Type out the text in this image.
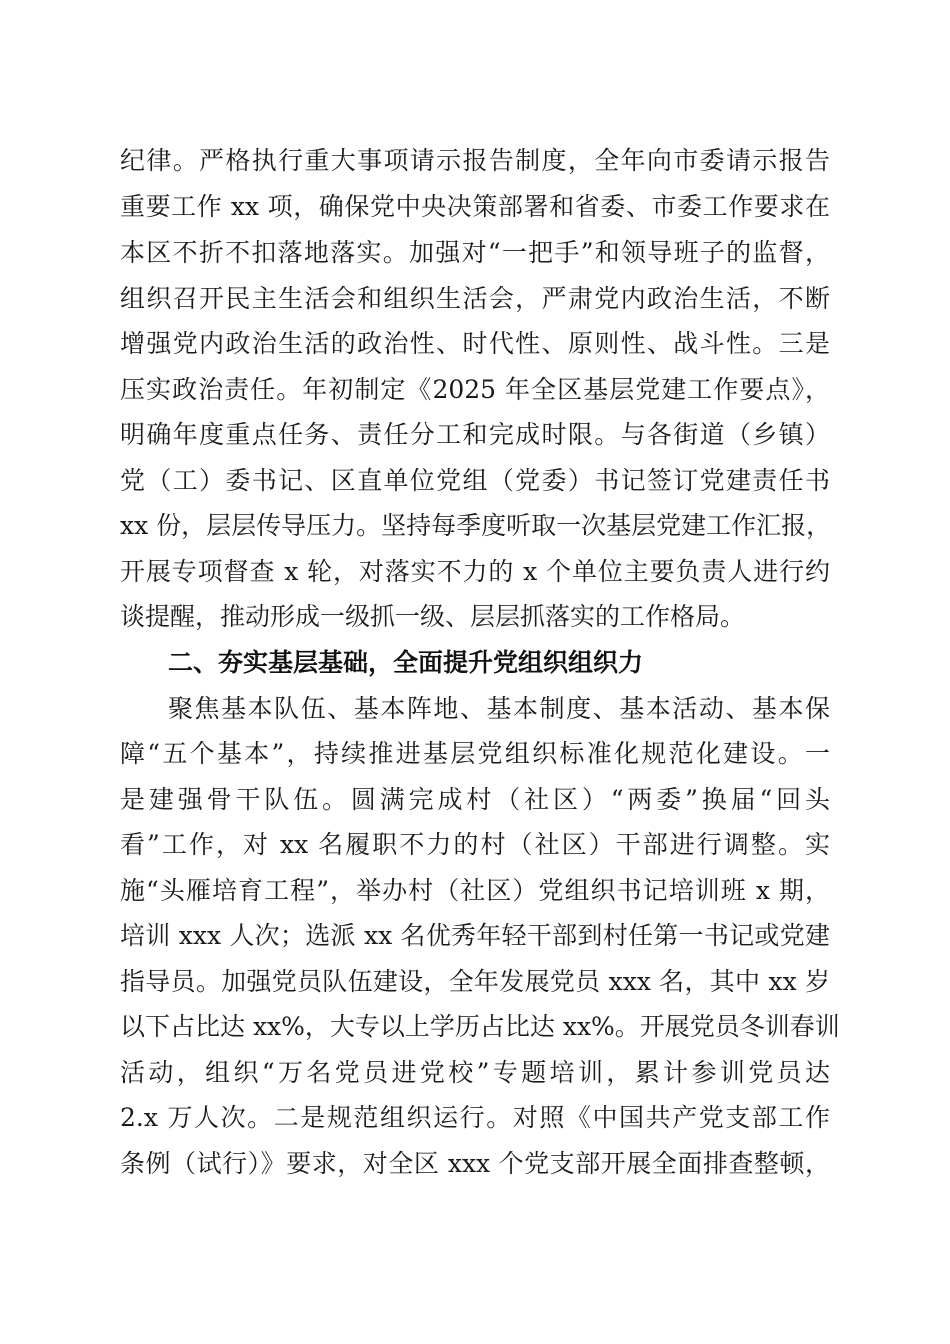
纪律。严格执行重大事项请示报告制度，全年向市委请示报告
重要工作 xx 项，确保党中央决策部署和省委、市委工作要求在
本区不折不扣落地落实。加强对“一把手”和领导班子的监督，
组织召开民主生活会和组织生活会，严肃党内政治生活，不断
增强党内政治生活的政治性、时代性、原则性、战斗性。三是
压实政治责任。年初制定《2025 年全区基层党建工作要点》，
明确年度重点任务、责任分工和完成时限。与各街道（乡镇）
党（工）委书记、区直单位党组（党委）书记签订党建责任书
xx 份，层层传导压力。坚持每季度听取一次基层党建工作汇报，
开展专项督查 x 轮，对落实不力的 x 个单位主要负责人进行约
谈提醒，推动形成一级抓一级、层层抓落实的工作格局。
二、夯实基层基础，全面提升党组织组织力
聚焦基本队伍、基本阵地、基本制度、基本活动、基本保
障“五个基本”，持续推进基层党组织标准化规范化建设。一
是建强骨干队伍。圆满完成村（社区）“两委”换届“回头
看”工作，对 xx 名履职不力的村（社区）干部进行调整。实
施“头雁培育工程”，举办村（社区）党组织书记培训班 x 期，
培训 xxx 人次；选派 xx 名优秀年轻干部到村任第一书记或党建
指导员。加强党员队伍建设，全年发展党员 xxx 名，其中 xx 岁
以下占比达 xx%，大专以上学历占比达 xx%。开展党员冬训春训
活动，组织“万名党员进党校”专题培训，累计参训党员达
2.x 万人次。二是规范组织运行。对照《中国共产党支部工作
条例（试行）》要求，对全区 xxx 个党支部开展全面排查整顿，
